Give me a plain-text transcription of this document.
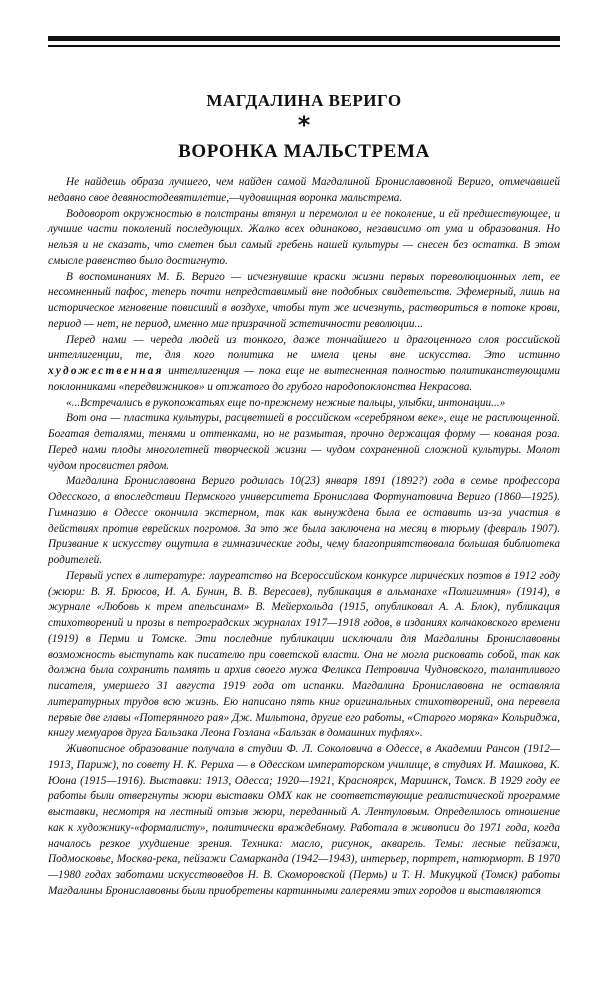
МАГДАЛИНА ВЕРИГО
*
ВОРОНКА МАЛЬСТРЕМА

Не найдешь образа лучшего, чем найден самой Магдалиной Брониславовной Вериго, отмечавшей недавно свое девяностодевятилетие,—чудовищная воронка мальстрема.

Водоворот окружностью в полстраны втянул и перемолол и ее поколение, и ей предшествующее, и лучшие части поколений последующих. Жалко всех одинаково, независимо от ума и образования. Но нельзя и не сказать, что сметен был самый гребень нашей культуры — снесен без остатка. В этом смысле равенство было достигнуто.

В воспоминаниях М. Б. Вериго — исчезнувшие краски жизни первых пореволюционных лет, ее несомненный пафос, теперь почти непредставимый вне подобных свидетельств. Эфемерный, лишь на историческое мгновение повисший в воздухе, чтобы тут же исчезнуть, раствориться в потоке крови, период — нет, не период, именно миг призрачной эстетичности революции...

Перед нами — череда людей из тонкого, даже тончайшего и драгоценного слоя российской интеллигенции, те, для кого политика не имела цены вне искусства. Это истинно художественная интеллигенция — пока еще не вытесненная полностью политиканствующими поклонниками «передвижников» и отжатого до грубого народопоклонства Некрасова.

«...Встречались в рукопожатьях еще по-прежнему нежные пальцы, улыбки, интонации...»

Вот она — пластика культуры, расцветшей в российском «серебряном веке», еще не расплющенной. Богатая деталями, тенями и оттенками, но не размытая, прочно держащая форму — кованая роза. Перед нами плоды многолетней творческой жизни — чудом сохраненной сложной культуры. Молот чудом просвистел рядом.

Магдалина Брониславовна Вериго родилась 10(23) января 1891 (1892?) года в семье профессора Одесского, а впоследствии Пермского университета Брониславa Фортунатовича Вериго (1860—1925). Гимназию в Одессе окончила экстерном, так как вынуждена была ее оставить из-за участия в действиях против еврейских погромов. За это же была заключена на месяц в тюрьму (февраль 1907). Призвание к искусству ощутила в гимназические годы, чему благоприятствовала большая библиотека родителей.

Первый успех в литературе: лауреатство на Всероссийском конкурсе лирических поэтов в 1912 году (жюри: В. Я. Брюсов, И. А. Бунин, В. В. Вересаев), публикация в альманахе «Полигимния» (1914), в журнале «Любовь к трем апельсинам» В. Мейерхольда (1915, опубликовал А. А. Блок), публикация стихотворений и прозы в петроградских журналах 1917—1918 годов, в изданиях колчаковского времени (1919) в Перми и Томске. Эти последние публикации исключали для Магдалины Брониславовны возможность выступать как писателю при советской власти. Она не могла рисковать собой, так как должна была сохранить память и архив своего мужа Феликса Петровича Чудновского, талантливого писателя, умершего 31 августа 1919 года от испанки. Магдалина Брониславовна не оставляла литературных трудов всю жизнь. Ею написано пять книг оригинальных стихотворений, она перевела первые две главы «Потерянного рая» Дж. Мильтона, другие его работы, «Старого моряка» Кольриджа, книгу мемуаров друга Бальзака Леона Гозлана «Бальзак в домашних туфлях».

Живописное образование получала в студии Ф. Л. Соколовича в Одессе, в Академии Рансон (1912—1913, Париж), по совету Н. К. Рериха — в Одесском императорском училище, в студиях И. Машкова, К. Юона (1915—1916). Выставки: 1913, Одесса; 1920—1921, Красноярск, Мариинск, Томск. В 1929 году ее работы были отвергнуты жюри выставки ОМХ как не соответствующие реалистической программе выставки, несмотря на лестный отзыв жюри, переданный А. Лентуловым. Определилось отношение как к художнику-«формалисту», политически враждебному. Работала в живописи до 1971 года, когда началось резкое ухудшение зрения. Техника: масло, рисунок, акварель. Темы: лесные пейзажи, Подмосковье, Москва-река, пейзажи Самарканда (1942—1943), интерьер, портрет, натюрморт. В 1970—1980 годах заботами искусствоведов Н. В. Скоморовской (Пермь) и Т. Н. Микуцкой (Томск) работы Магдалины Брониславовны были приобретены картинными галереями этих городов и выставляются
